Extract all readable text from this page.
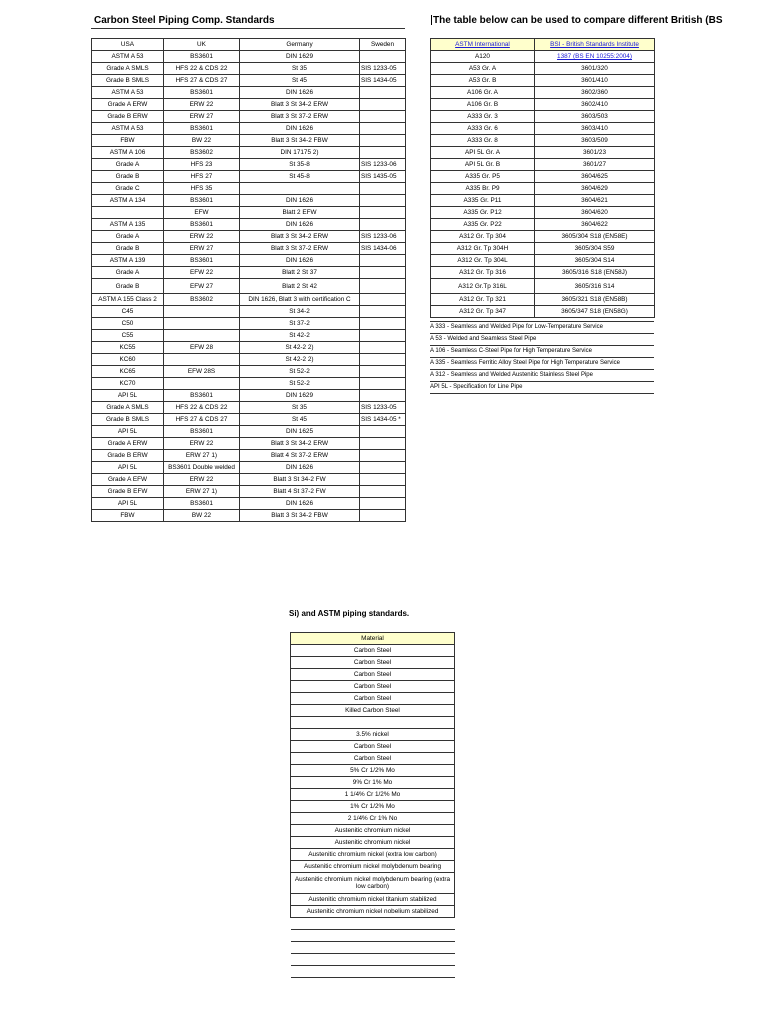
Carbon Steel Piping Comp. Standards	The table below can be used to compare different British (BS
USA	UK	Germany	Sweden
ASTM A 53	BS3601	DIN 1629	
Grade A SMLS	HFS 22 & CDS 22	St 35	SIS 1233-05
Grade B SMLS	HFS 27 & CDS 27	St 45	SIS 1434-05
ASTM A 53	BS3601	DIN 1626	
Grade A ERW	ERW 22	Blatt 3 St 34-2 ERW	
Grade B ERW	ERW 27	Blatt 3 St 37-2 ERW	
ASTM A 53	BS3601	DIN 1626	
FBW	BW 22	Blatt 3 St 34-2 FBW	
ASTM A 106	BS3602	DIN 17175 2)	
Grade A	HFS 23	St 35-8	SIS 1233-06
Grade B	HFS 27	St 45-8	SIS 1435-05
Grade C	HFS 35		
ASTM A 134	BS3601	DIN 1626	
	EFW	Blatt 2 EFW	
ASTM A 135	BS3601	DIN 1626	
Grade A	ERW 22	Blatt 3 St 34-2 ERW	SIS 1233-06
Grade B	ERW 27	Blatt 3 St 37-2 ERW	SIS 1434-06
ASTM A 139	BS3601	DIN 1626	
Grade A	EFW 22	Blatt 2 St 37	
Grade B	EFW 27	Blatt 2 St 42	
ASTM A 155 Class 2	BS3602	DIN 1626, Blatt 3 with certification C	
C45		St 34-2	
C50		St 37-2	
C55		St 42-2	
KC55	EFW 28	St 42-2 2)	
KC60		St 42-2 2)	
KC65	EFW 28S	St 52-2	
KC70		St 52-2	
API 5L	BS3601	DIN 1629	
Grade A SMLS	HFS 22 & CDS 22	St 35	SIS 1233-05
Grade B SMLS	HFS 27 & CDS 27	St 45	SIS 1434-05 *
API 5L	BS3601	DIN 1625	
Grade A ERW	ERW 22	Blatt 3 St 34-2 ERW	
Grade B ERW	ERW 27 1)	Blatt 4 St 37-2 ERW	
API 5L	BS3601 Double welded	DIN 1626	
Grade A EFW	ERW 22	Blatt 3 St 34-2 FW	
Grade B EFW	ERW 27 1)	Blatt 4 St 37-2 FW	
API 5L	BS3601	DIN 1626	
FBW	BW 22	Blatt 3 St 34-2 FBW	
ASTM International	BSI - British Standards Institute
A120	1387 (BS EN 10255:2004)
A53 Gr. A	3601/320
A53 Gr. B	3601/410
A106 Gr. A	3602/360
A106 Gr. B	3602/410
A333 Gr. 3	3603/503
A333 Gr. 6	3603/410
A333 Gr. 8	3603/509
API 5L Gr. A	3601/23
API 5L Gr. B	3601/27
A335 Gr. P5	3604/625
A335 Br. P9	3604/629
A335 Gr. P11	3604/621
A335 Gr. P12	3604/620
A335 Gr. P22	3604/622
A312 Gr. Tp 304	3605/304 S18 (EN58E)
A312 Gr. Tp 304H	3605/304 S59
A312 Gr. Tp 304L	3605/304 S14
A312 Gr. Tp 316	3605/316 S18 (EN58J)
A312 Gr.Tp 316L	3605/316 S14
A312 Gr. Tp 321	3605/321 S18 (EN58B)
A312 Gr. Tp 347	3605/347 S18 (EN58G)
A 333 - Seamless and Welded Pipe for Low-Temperature Service
A 53 - Welded and Seamless Steel Pipe
A 106 - Seamless C-Steel Pipe for High Temperature Service
A 335 - Seamless Ferritic Alloy Steel Pipe for High Temperature Service
A 312 - Seamless and Welded Austenitic Stainless Steel Pipe
API 5L - Specification for Line Pipe
Si) and ASTM piping standards.
Material
Carbon Steel
Carbon Steel
Carbon Steel
Carbon Steel
Carbon Steel
Killed Carbon Steel

3.5% nickel
Carbon Steel
Carbon Steel
5% Cr 1/2% Mo
9% Cr 1% Mo
1 1/4% Cr 1/2% Mo
1% Cr 1/2% Mo
2 1/4% Cr 1% No
Austenitic chromium nickel
Austenitic chromium nickel
Austenitic chromium nickel (extra low carbon)
Austenitic chromium nickel molybdenum bearing
Austenitic chromium nickel molybdenum bearing (extra low carbon)
Austenitic chromium nickel titanium stabilized
Austenitic chromium nickel nobelium stabilized
